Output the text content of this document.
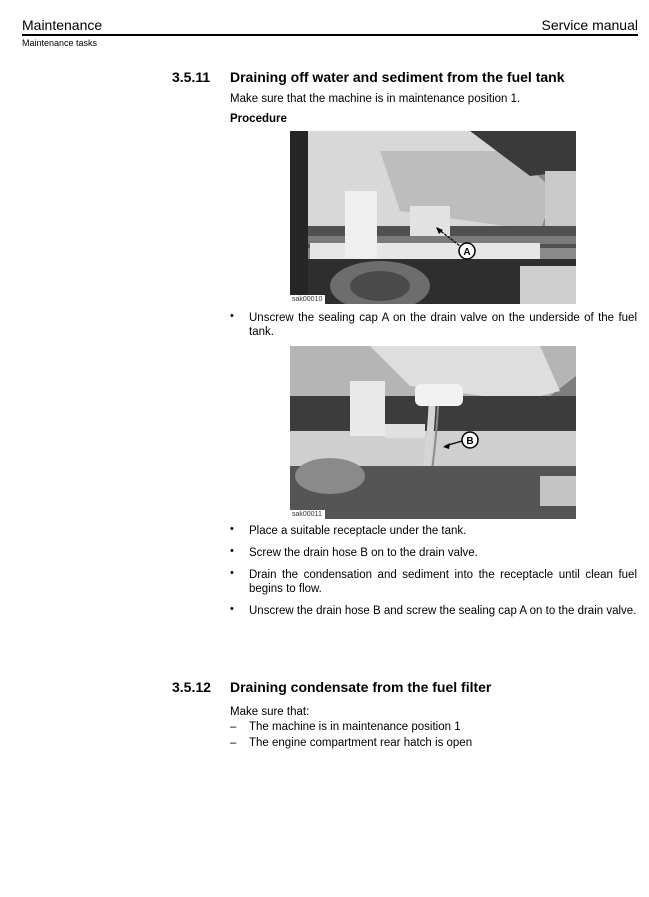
Maintenance	Service manual
Maintenance tasks
3.5.11 Draining off water and sediment from the fuel tank
Make sure that the machine is in maintenance position 1.
Procedure
A
sak00010
• Unscrew the sealing cap A on the drain valve on the underside of the fuel tank.
B
sak00011
• Place a suitable receptacle under the tank.
• Screw the drain hose B on to the drain valve.
• Drain the condensation and sediment into the receptacle until clean fuel begins to flow.
• Unscrew the drain hose B and screw the sealing cap A on to the drain valve.
3.5.12 Draining condensate from the fuel filter
Make sure that:
– The machine is in maintenance position 1
– The engine compartment rear hatch is open
